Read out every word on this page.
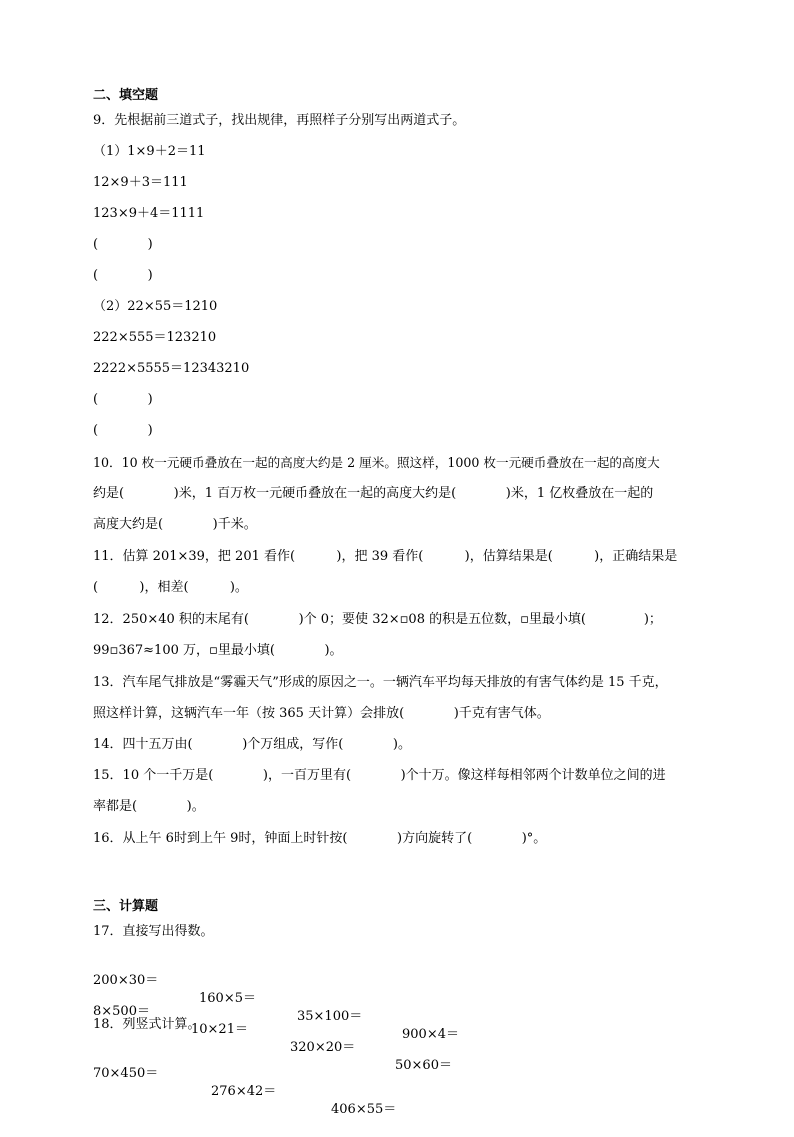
二、填空题
9．先根据前三道式子，找出规律，再照样子分别写出两道式子。
（1）1×9＋2＝11
12×9＋3＝111
123×9＋4＝1111
(            )
(            )
（2）22×55＝1210
222×555＝123210
2222×5555＝12343210
(            )
(            )
10．10 枚一元硬币叠放在一起的高度大约是 2 厘米。照这样，1000 枚一元硬币叠放在一起的高度大
约是(            )米，1 百万枚一元硬币叠放在一起的高度大约是(            )米，1 亿枚叠放在一起的
高度大约是(            )千米。
11．估算 201×39，把 201 看作(          )，把 39 看作(          )，估算结果是(          )，正确结果是
(          )，相差(          )。
12．250×40 积的末尾有(            )个 0；要使 32×▫08 的积是五位数，▫里最小填(              )；
99▫367≈100 万，▫里最小填(            )。
13．汽车尾气排放是“雾霾天气”形成的原因之一。一辆汽车平均每天排放的有害气体约是 15 千克，
照这样计算，这辆汽车一年（按 365 天计算）会排放(            )千克有害气体。
14．四十五万由(            )个万组成，写作(            )。
15．10 个一千万是(            )，一百万里有(            )个十万。像这样每相邻两个计数单位之间的进
率都是(            )。
16．从上午 6时到上午 9时，钟面上时针按(            )方向旋转了(            )°。
三、计算题
17．直接写出得数。

200×30＝

160×5＝

35×100＝

900×4＝

8×500＝

10×21＝

320×20＝

50×60＝

18．列竖式计算。

70×450＝

276×42＝

406×55＝
